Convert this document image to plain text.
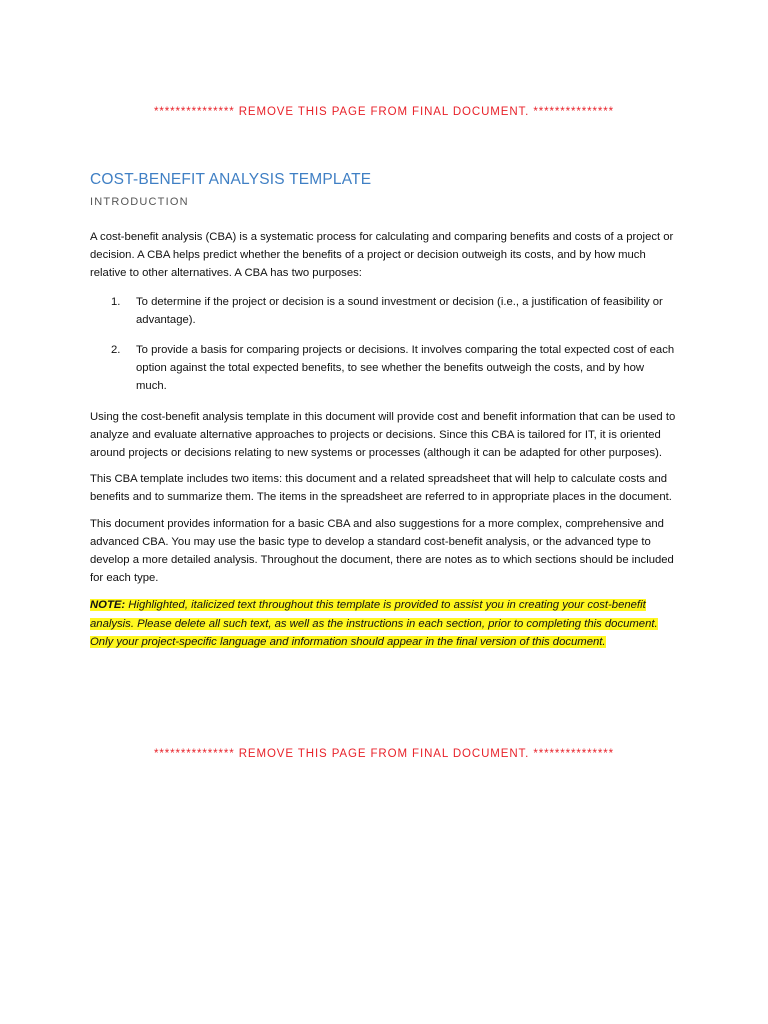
*************** REMOVE THIS PAGE FROM FINAL DOCUMENT. ***************
COST-BENEFIT ANALYSIS TEMPLATE
INTRODUCTION

A cost-benefit analysis (CBA) is a systematic process for calculating and comparing benefits and costs of a project or decision. A CBA helps predict whether the benefits of a project or decision outweigh its costs, and by how much relative to other alternatives. A CBA has two purposes:

1. To determine if the project or decision is a sound investment or decision (i.e., a justification of feasibility or advantage).
2. To provide a basis for comparing projects or decisions. It involves comparing the total expected cost of each option against the total expected benefits, to see whether the benefits outweigh the costs, and by how much.

Using the cost-benefit analysis template in this document will provide cost and benefit information that can be used to analyze and evaluate alternative approaches to projects or decisions. Since this CBA is tailored for IT, it is oriented around projects or decisions relating to new systems or processes (although it can be adapted for other purposes).

This CBA template includes two items: this document and a related spreadsheet that will help to calculate costs and benefits and to summarize them. The items in the spreadsheet are referred to in appropriate places in the document.

This document provides information for a basic CBA and also suggestions for a more complex, comprehensive and advanced CBA. You may use the basic type to develop a standard cost-benefit analysis, or the advanced type to develop a more detailed analysis. Throughout the document, there are notes as to which sections should be included for each type.

NOTE: Highlighted, italicized text throughout this template is provided to assist you in creating your cost-benefit analysis. Please delete all such text, as well as the instructions in each section, prior to completing this document. Only your project-specific language and information should appear in the final version of this document.
*************** REMOVE THIS PAGE FROM FINAL DOCUMENT. ***************
